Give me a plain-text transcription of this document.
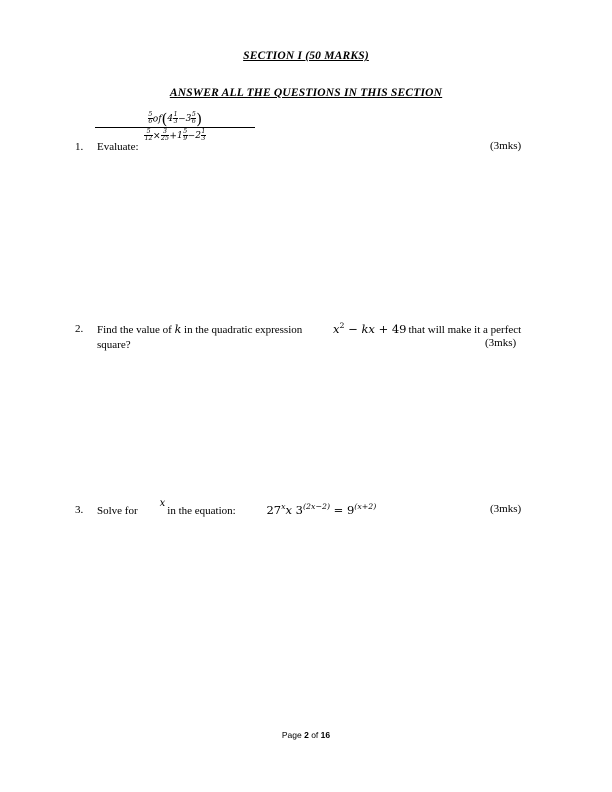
SECTION I (50 MARKS)
ANSWER ALL THE QUESTIONS IN THIS SECTION
1.	Evaluate:
$\frac{\frac{5}{6} of(4 \frac{1}{3} -3 \frac{5}{6} )}{\frac{5}{12} \times \frac{3}{25} +1 \frac{5}{9} -2 \frac{1}{3}}$
(3mks)
2.	Find the value of k in the quadratic expression	$x^2$ − kx + 49 that will make it a perfect
square?	(3mks)
3.	Solve forxin the equation:	27$^x$x $3^{(2x-2)} = 9^{(x+2)}$	(3mks)
Page 2 of 16
